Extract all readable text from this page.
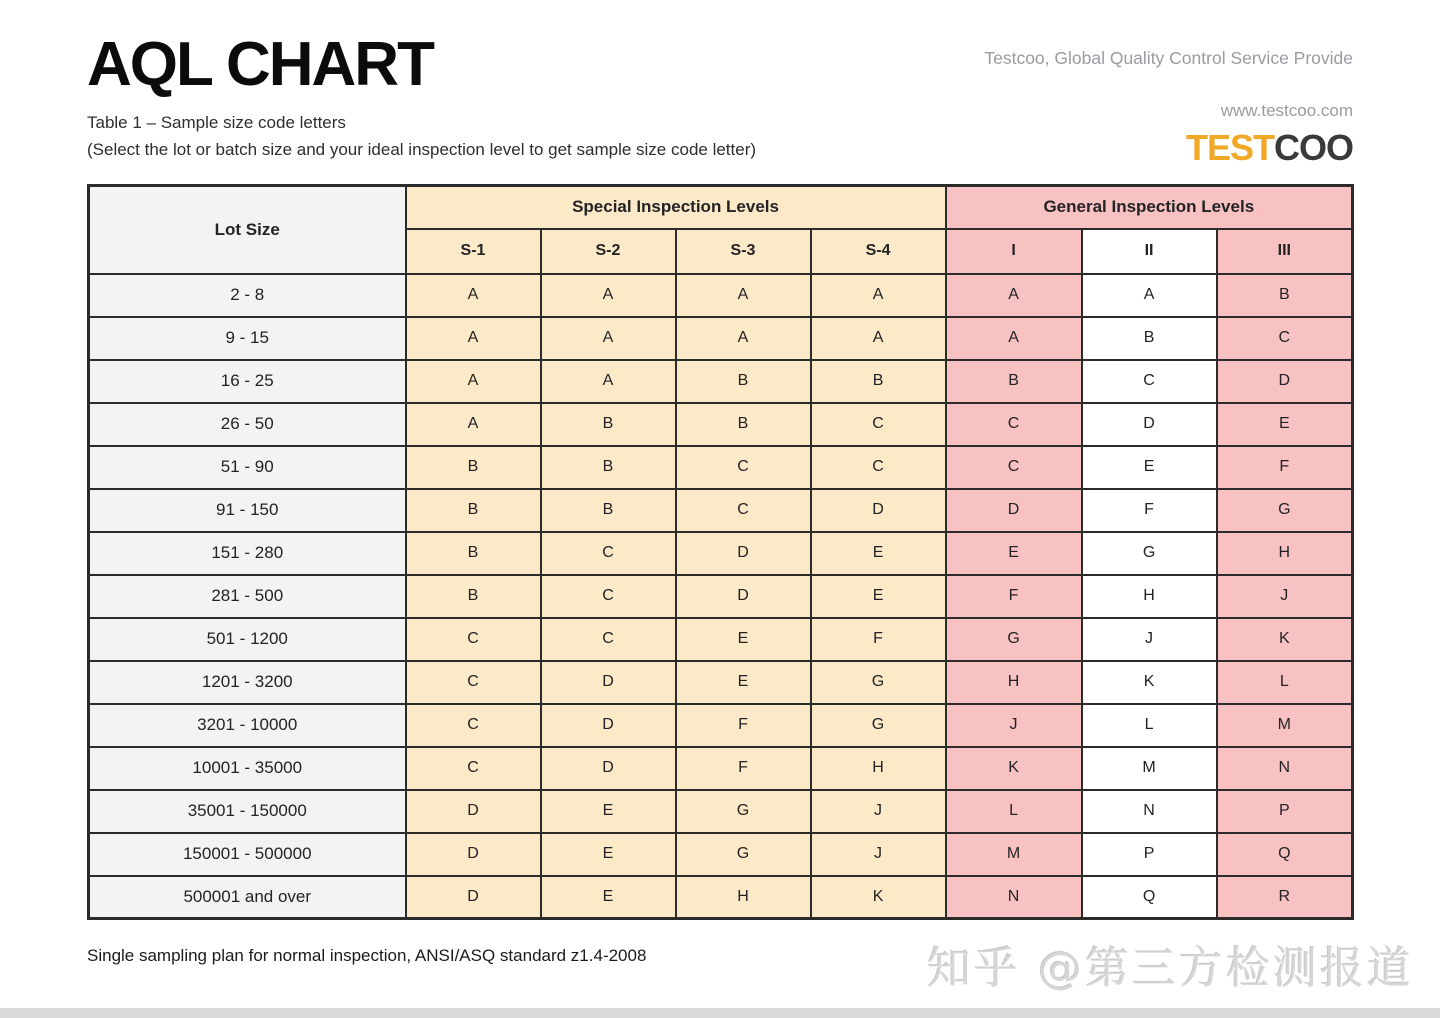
AQL CHART
Table 1 – Sample size code letters
(Select the lot or batch size and your ideal inspection level to get sample size code letter)
Testcoo, Global Quality Control Service Provide
www.testcoo.com
TESTCOO
Lot Size	Special Inspection Levels				General Inspection Levels		
	S-1	S-2	S-3	S-4	I	II	III
2 - 8	A	A	A	A	A	A	B
9 - 15	A	A	A	A	A	B	C
16 - 25	A	A	B	B	B	C	D
26 - 50	A	B	B	C	C	D	E
51 - 90	B	B	C	C	C	E	F
91 - 150	B	B	C	D	D	F	G
151 - 280	B	C	D	E	E	G	H
281 - 500	B	C	D	E	F	H	J
501 - 1200	C	C	E	F	G	J	K
1201 - 3200	C	D	E	G	H	K	L
3201 - 10000	C	D	F	G	J	L	M
10001 - 35000	C	D	F	H	K	M	N
35001 - 150000	D	E	G	J	L	N	P
150001 - 500000	D	E	G	J	M	P	Q
500001 and over	D	E	H	K	N	Q	R
Single sampling plan for normal inspection, ANSI/ASQ standard z1.4-2008	知乎 @第三方检测报道
